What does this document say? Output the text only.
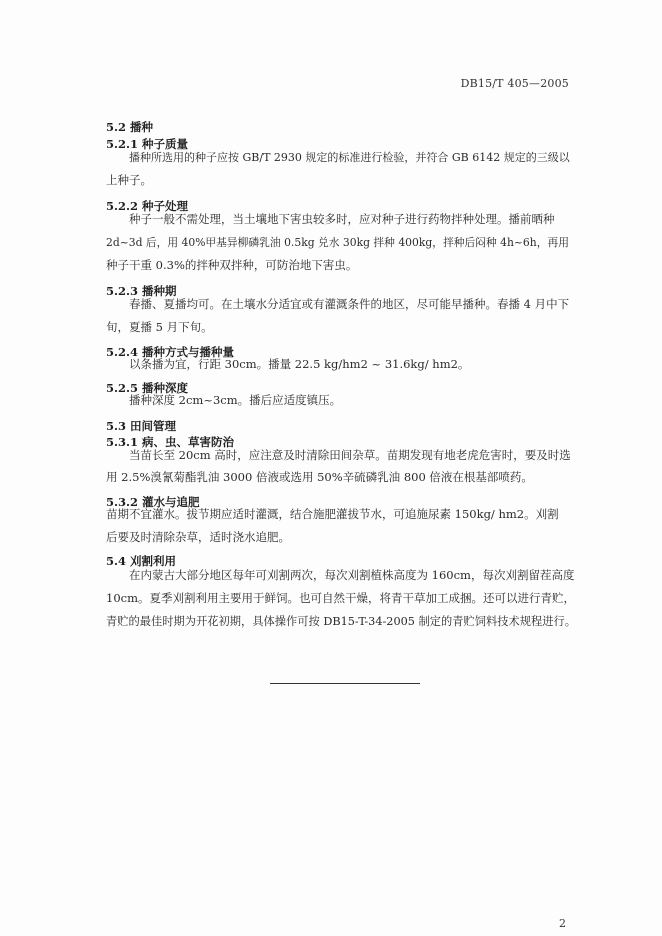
DB15/T 405—2005
5.2 播种
5.2.1 种子质量
播种所选用的种子应按 GB/T 2930 规定的标准进行检验，并符合 GB 6142 规定的三级以
上种子。
5.2.2 种子处理
种子一般不需处理，当土壤地下害虫较多时，应对种子进行药物拌种处理。播前晒种
2d~3d 后，用 40%甲基异柳磷乳油 0.5kg 兑水 30kg 拌种 400kg，拌种后闷种 4h~6h，再用
种子干重 0.3%的拌种双拌种，可防治地下害虫。
5.2.3 播种期
春播、夏播均可。在土壤水分适宜或有灌溉条件的地区，尽可能早播种。春播 4 月中下
旬，夏播 5 月下旬。
5.2.4 播种方式与播种量
以条播为宜，行距 30cm。播量 22.5 kg/hm2 ~ 31.6kg/ hm2。
5.2.5 播种深度
播种深度 2cm~3cm。播后应适度镇压。
5.3 田间管理
5.3.1 病、虫、草害防治
当苗长至 20cm 高时，应注意及时清除田间杂草。苗期发现有地老虎危害时，要及时选
用 2.5%溴氰菊酯乳油 3000 倍液或选用 50%辛硫磷乳油 800 倍液在根基部喷药。
5.3.2 灌水与追肥
苗期不宜灌水。拔节期应适时灌溉，结合施肥灌拔节水，可追施尿素 150kg/ hm2。刈割
后要及时清除杂草，适时浇水追肥。
5.4 刈割利用
在内蒙古大部分地区每年可刈割两次，每次刈割植株高度为 160cm，每次刈割留茬高度
10cm。夏季刈割利用主要用于鲜饲。也可自然干燥，将青干草加工成捆。还可以进行青贮，
青贮的最佳时期为开花初期，具体操作可按 DB15-T-34-2005 制定的青贮饲料技术规程进行。
2
